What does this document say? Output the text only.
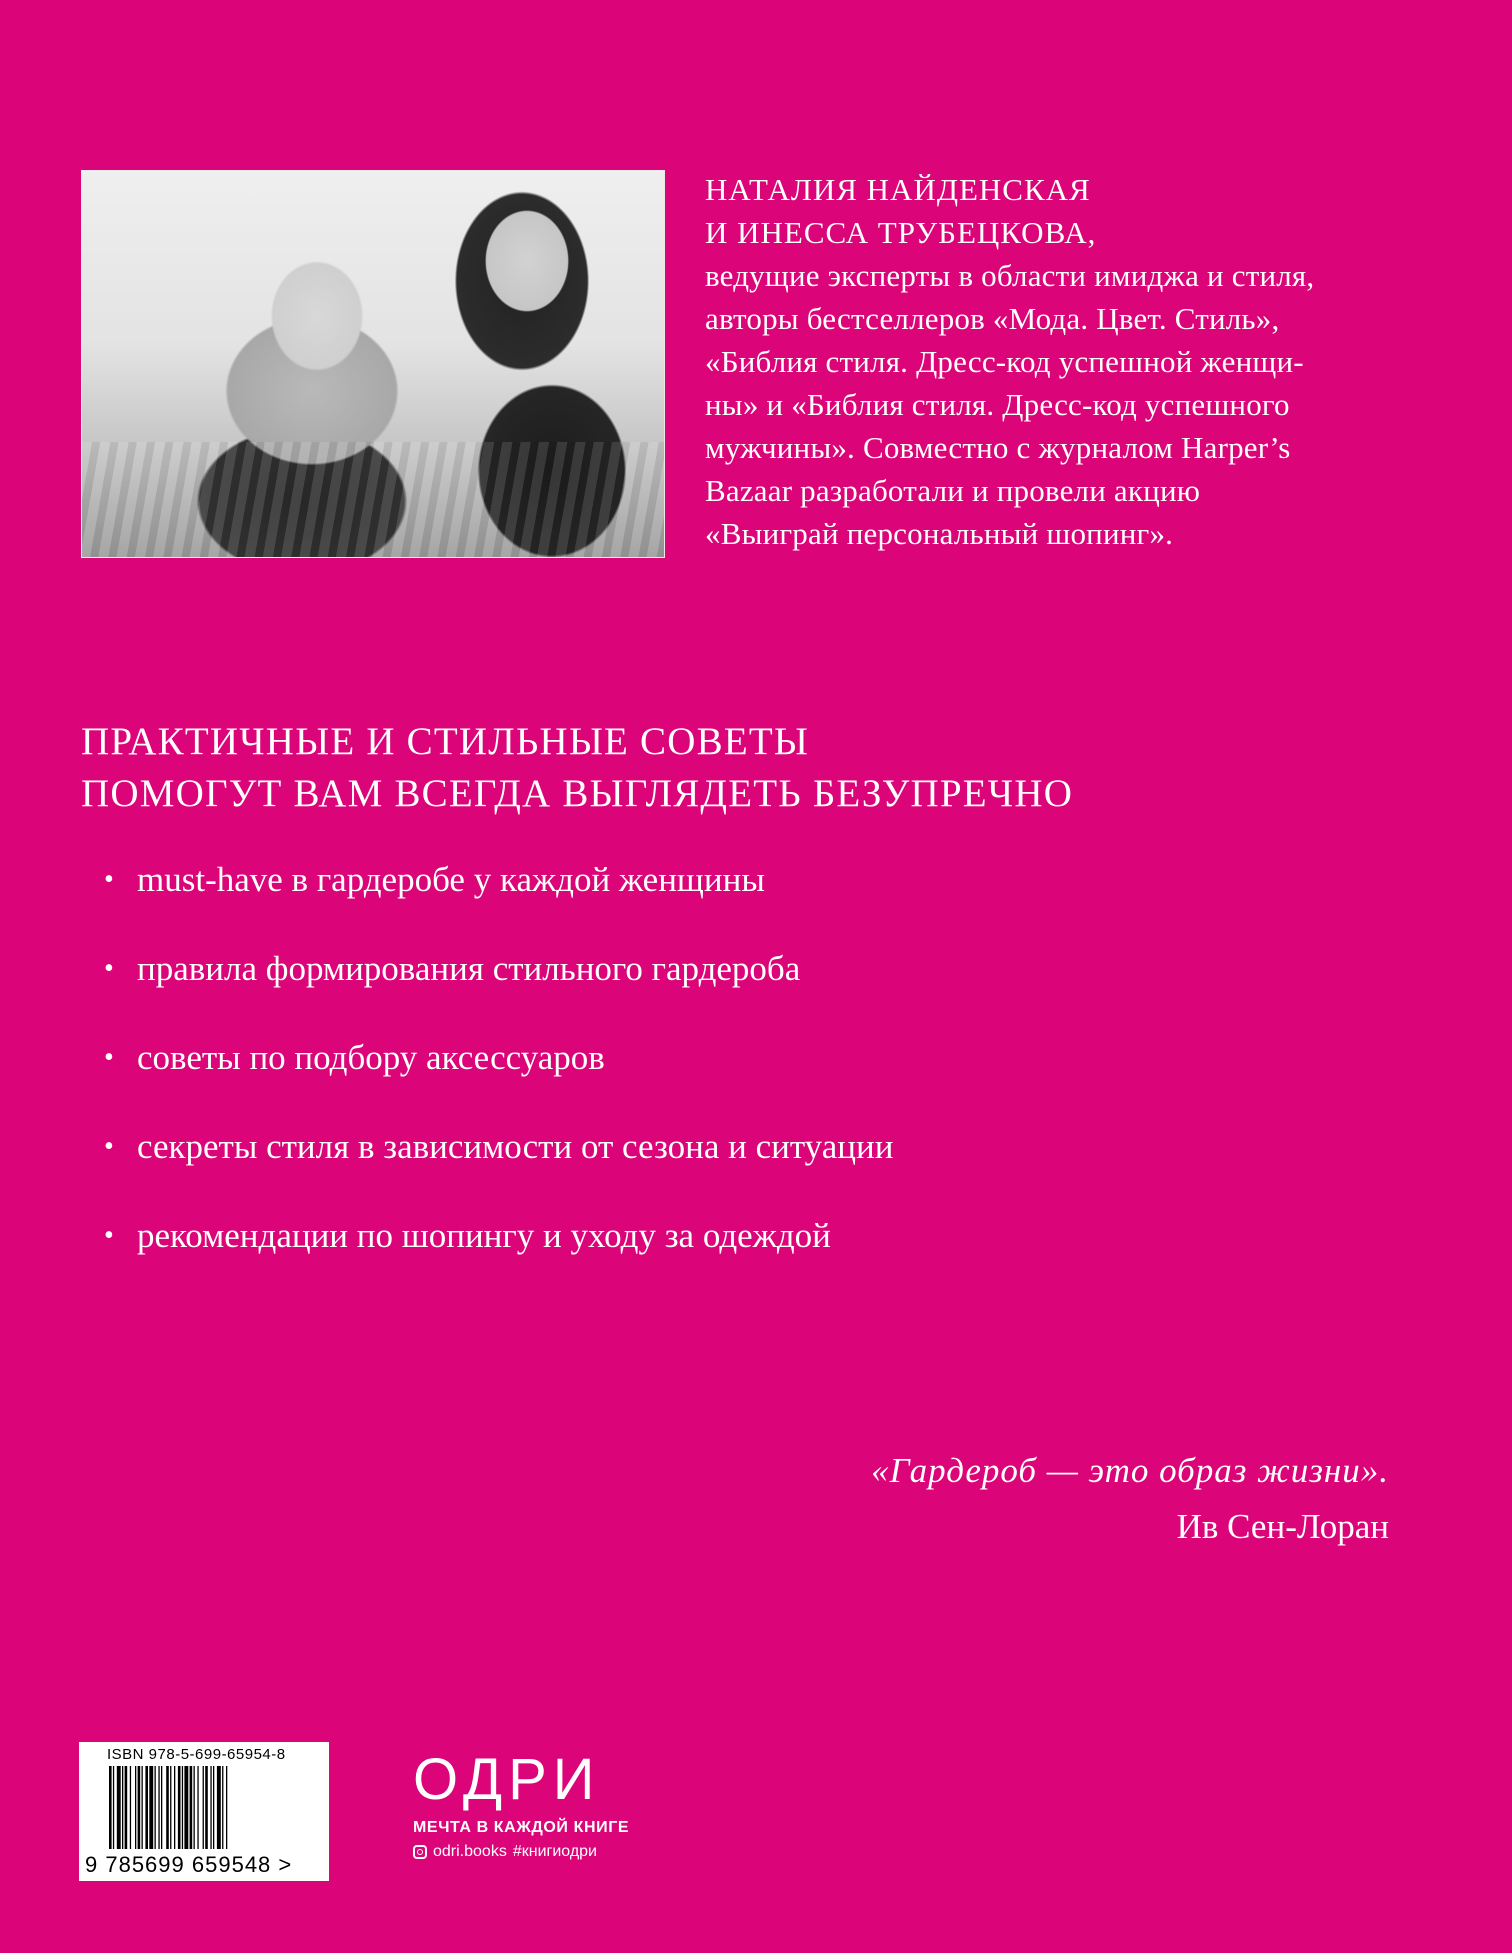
НАТАЛИЯ НАЙДЕНСКАЯ
И ИНЕССА ТРУБЕЦКОВА,
ведущие эксперты в области имиджа и стиля,
авторы бестселлеров «Мода. Цвет. Стиль»,
«Библия стиля. Дресс-код успешной женщи-
ны» и «Библия стиля. Дресс-код успешного
мужчины». Совместно с журналом Harper’s
Bazaar разработали и провели акцию
«Выиграй персональный шопинг».
ПРАКТИЧНЫЕ И СТИЛЬНЫЕ СОВЕТЫ
ПОМОГУТ ВАМ ВСЕГДА ВЫГЛЯДЕТЬ БЕЗУПРЕЧНО
• must-have в гардеробе у каждой женщины
• правила формирования стильного гардероба
• советы по подбору аксессуаров
• секреты стиля в зависимости от сезона и ситуации
• рекомендации по шопингу и уходу за одеждой
«Гардероб — это образ жизни».
Ив Сен-Лоран
ISBN 978-5-699-65954-8
9 785699 659548 >
ОДРИ
МЕЧТА В КАЖДОЙ КНИГЕ
odri.books #книгиодри
